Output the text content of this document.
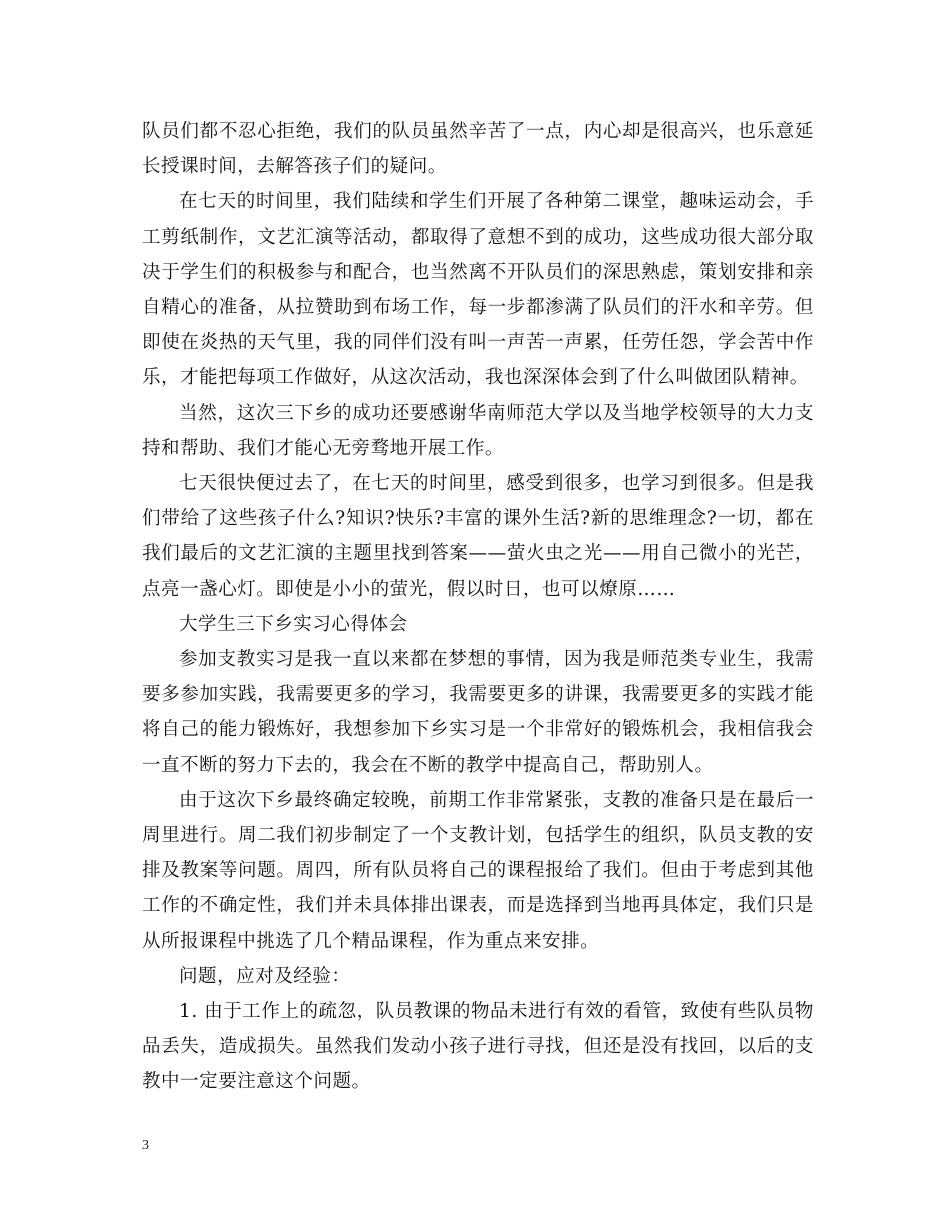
队员们都不忍心拒绝，我们的队员虽然辛苦了一点，内心却是很高兴，也乐意延长授课时间，去解答孩子们的疑问。

在七天的时间里，我们陆续和学生们开展了各种第二课堂，趣味运动会，手工剪纸制作，文艺汇演等活动，都取得了意想不到的成功，这些成功很大部分取决于学生们的积极参与和配合，也当然离不开队员们的深思熟虑，策划安排和亲自精心的准备，从拉赞助到布场工作，每一步都渗满了队员们的汗水和辛劳。但即使在炎热的天气里，我的同伴们没有叫一声苦一声累，任劳任怨，学会苦中作乐，才能把每项工作做好，从这次活动，我也深深体会到了什么叫做团队精神。

当然，这次三下乡的成功还要感谢华南师范大学以及当地学校领导的大力支持和帮助、我们才能心无旁骛地开展工作。

七天很快便过去了，在七天的时间里，感受到很多，也学习到很多。但是我们带给了这些孩子什么?知识?快乐?丰富的课外生活?新的思维理念?一切，都在我们最后的文艺汇演的主题里找到答案——萤火虫之光——用自己微小的光芒，点亮一盏心灯。即使是小小的萤光，假以时日，也可以燎原……

大学生三下乡实习心得体会

参加支教实习是我一直以来都在梦想的事情，因为我是师范类专业生，我需要多参加实践，我需要更多的学习，我需要更多的讲课，我需要更多的实践才能将自己的能力锻炼好，我想参加下乡实习是一个非常好的锻炼机会，我相信我会一直不断的努力下去的，我会在不断的教学中提高自己，帮助别人。

由于这次下乡最终确定较晚，前期工作非常紧张，支教的准备只是在最后一周里进行。周二我们初步制定了一个支教计划，包括学生的组织，队员支教的安排及教案等问题。周四，所有队员将自己的课程报给了我们。但由于考虑到其他工作的不确定性，我们并未具体排出课表，而是选择到当地再具体定，我们只是从所报课程中挑选了几个精品课程，作为重点来安排。

问题，应对及经验：

1. 由于工作上的疏忽，队员教课的物品未进行有效的看管，致使有些队员物品丢失，造成损失。虽然我们发动小孩子进行寻找，但还是没有找回，以后的支教中一定要注意这个问题。

3
